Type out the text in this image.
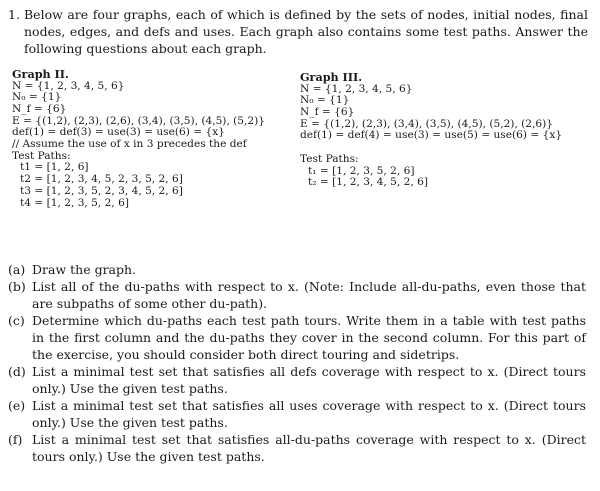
1. Below are four graphs, each of which is defined by the sets of nodes, initial nodes, final nodes, edges, and defs and uses. Each graph also contains some test paths. Answer the following questions about each graph.
Graph II.
N = {1, 2, 3, 4, 5, 6}
N₀ = {1}
N_f = {6}
E = {(1,2), (2,3), (2,6), (3,4), (3,5), (4,5), (5,2)}
def(1) = def(3) = use(3) = use(6) = {x}
// Assume the use of x in 3 precedes the def
Test Paths:
t1 = [1, 2, 6]
t2 = [1, 2, 3, 4, 5, 2, 3, 5, 2, 6]
t3 = [1, 2, 3, 5, 2, 3, 4, 5, 2, 6]
t4 = [1, 2, 3, 5, 2, 6]
Graph III.
N = {1, 2, 3, 4, 5, 6}
N₀ = {1}
N_f = {6}
E = {(1,2), (2,3), (3,4), (3,5), (4,5), (5,2), (2,6)}
def(1) = def(4) = use(3) = use(5) = use(6) = {x}
Test Paths:
t₁ = [1, 2, 3, 5, 2, 6]
t₂ = [1, 2, 3, 4, 5, 2, 6]
(a) Draw the graph.
(b) List all of the du-paths with respect to x. (Note: Include all-du-paths, even those that are subpaths of some other du-path).
(c) Determine which du-paths each test path tours. Write them in a table with test paths in the first column and the du-paths they cover in the second column. For this part of the exercise, you should consider both direct touring and sidetrips.
(d) List a minimal test set that satisfies all defs coverage with respect to x. (Direct tours only.) Use the given test paths.
(e) List a minimal test set that satisfies all uses coverage with respect to x. (Direct tours only.) Use the given test paths.
(f) List a minimal test set that satisfies all-du-paths coverage with respect to x. (Direct tours only.) Use the given test paths.
